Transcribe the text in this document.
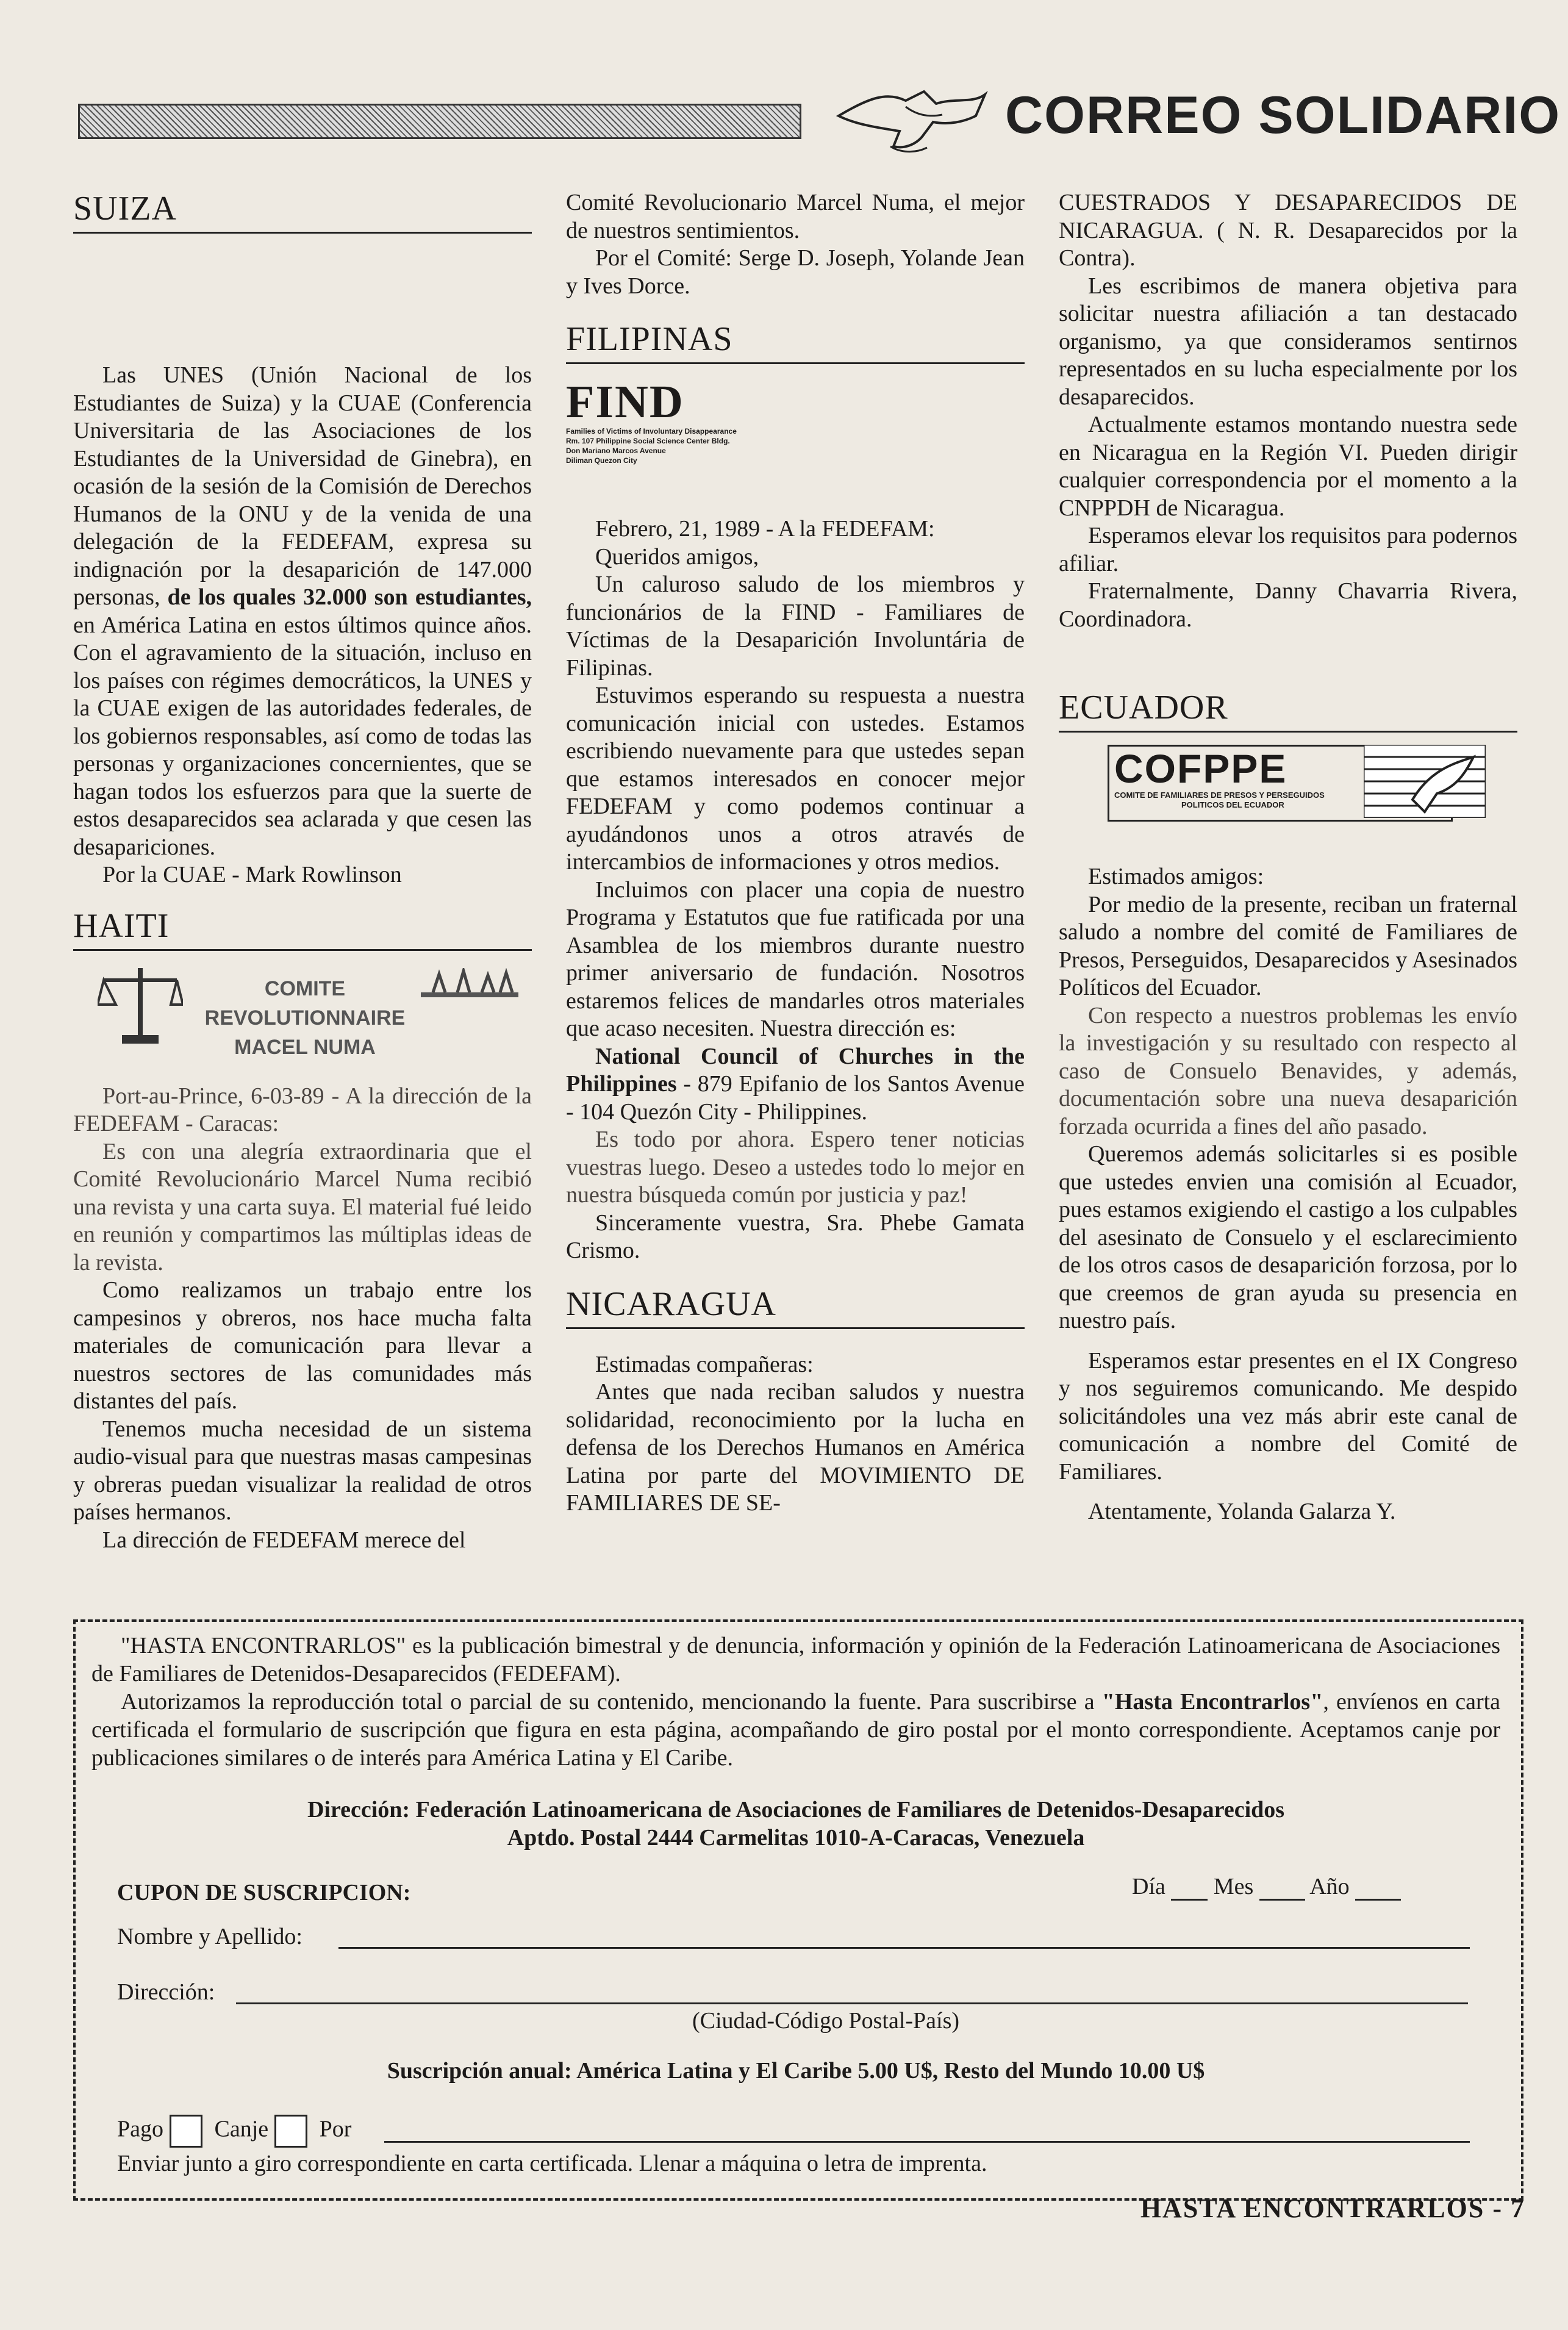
CORREO SOLIDARIO
SUIZA

Las UNES (Unión Nacional de los Estudiantes de Suiza) y la CUAE (Conferencia Universitaria de las Asociaciones de los Estudiantes de la Universidad de Ginebra), en ocasión de la sesión de la Comisión de Derechos Humanos de la ONU y de la venida de una delegación de la FEDEFAM, expresa su indignación por la desaparición de 147.000 personas, de los quales 32.000 son estudiantes, en América Latina en estos últimos quince años. Con el agravamiento de la situación, incluso en los países con régimes democráticos, la UNES y la CUAE exigen de las autoridades federales, de los gobiernos responsables, así como de todas las personas y organizaciones concernientes, que se hagan todos los esfuerzos para que la suerte de estos desaparecidos sea aclarada y que cesen las desapariciones.

Por la CUAE - Mark Rowlinson

HAITI
COMITE
REVOLUTIONNAIRE
MACEL NUMA

Port-au-Prince, 6-03-89 - A la dirección de la FEDEFAM - Caracas:

Es con una alegría extraordinaria que el Comité Revolucionário Marcel Numa recibió una revista y una carta suya. El material fué leido en reunión y compartimos las múltiplas ideas de la revista.

Como realizamos un trabajo entre los campesinos y obreros, nos hace mucha falta materiales de comunicación para llevar a nuestros sectores de las comunidades más distantes del país.

Tenemos mucha necesidad de un sistema audio-visual para que nuestras masas campesinas y obreras puedan visualizar la realidad de otros países hermanos.

La dirección de FEDEFAM merece del

Comité Revolucionario Marcel Numa, el mejor de nuestros sentimientos.

Por el Comité: Serge D. Joseph, Yolande Jean y Ives Dorce.

FILIPINAS
FIND
Families of Victims of Involuntary Disappearance
Rm. 107 Philippine Social Science Center Bldg.
Don Mariano Marcos Avenue
Diliman Quezon City

Febrero, 21, 1989 - A la FEDEFAM:

Queridos amigos,

Un caluroso saludo de los miembros y funcionários de la FIND - Familiares de Víctimas de la Desaparición Involuntária de Filipinas.

Estuvimos esperando su respuesta a nuestra comunicación inicial con ustedes. Estamos escribiendo nuevamente para que ustedes sepan que estamos interesados en conocer mejor FEDEFAM y como podemos continuar a ayudándonos unos a otros através de intercambios de informaciones y otros medios.

Incluimos con placer una copia de nuestro Programa y Estatutos que fue ratificada por una Asamblea de los miembros durante nuestro primer aniversario de fundación. Nosotros estaremos felices de mandarles otros materiales que acaso necesiten. Nuestra dirección es:

National Council of Churches in the Philippines - 879 Epifanio de los Santos Avenue - 104 Quezón City - Philippines.

Es todo por ahora. Espero tener noticias vuestras luego. Deseo a ustedes todo lo mejor en nuestra búsqueda común por justicia y paz!

Sinceramente vuestra, Sra. Phebe Gamata Crismo.

NICARAGUA

Estimadas compañeras:

Antes que nada reciban saludos y nuestra solidaridad, reconocimiento por la lucha en defensa de los Derechos Humanos en América Latina por parte del MOVIMIENTO DE FAMILIARES DE SE-

CUESTRADOS Y DESAPARECIDOS DE NICARAGUA. ( N. R. Desaparecidos por la Contra).

Les escribimos de manera objetiva para solicitar nuestra afiliación a tan destacado organismo, ya que consideramos sentirnos representados en su lucha especialmente por los desaparecidos.

Actualmente estamos montando nuestra sede en Nicaragua en la Región VI. Pueden dirigir cualquier correspondencia por el momento a la CNPPDH de Nicaragua.

Esperamos elevar los requisitos para podernos afiliar.

Fraternalmente, Danny Chavarria Rivera, Coordinadora.

ECUADOR
COFPPE
COMITE DE FAMILIARES DE PRESOS Y PERSEGUIDOS
POLITICOS DEL ECUADOR

Estimados amigos:

Por medio de la presente, reciban un fraternal saludo a nombre del comité de Familiares de Presos, Perseguidos, Desaparecidos y Asesinados Políticos del Ecuador.

Con respecto a nuestros problemas les envío la investigación y su resultado con respecto al caso de Consuelo Benavides, y además, documentación sobre una nueva desaparición forzada ocurrida a fines del año pasado.

Queremos además solicitarles si es posible que ustedes envien una comisión al Ecuador, pues estamos exigiendo el castigo a los culpables del asesinato de Consuelo y el esclarecimiento de los otros casos de desaparición forzosa, por lo que creemos de gran ayuda su presencia en nuestro país.

Esperamos estar presentes en el IX Congreso y nos seguiremos comunicando. Me despido solicitándoles una vez más abrir este canal de comunicación a nombre del Comité de Familiares.

Atentamente, Yolanda Galarza Y.

"HASTA ENCONTRARLOS" es la publicación bimestral y de denuncia, información y opinión de la Federación Latinoamericana de Asociaciones de Familiares de Detenidos-Desaparecidos (FEDEFAM).

Autorizamos la reproducción total o parcial de su contenido, mencionando la fuente. Para suscribirse a "Hasta Encontrarlos", envíenos en carta certificada el formulario de suscripción que figura en esta página, acompañando de giro postal por el monto correspondiente. Aceptamos canje por publicaciones similares o de interés para América Latina y El Caribe.

Dirección: Federación Latinoamericana de Asociaciones de Familiares de Detenidos-Desaparecidos
Aptdo. Postal 2444 Carmelitas 1010-A-Caracas, Venezuela
CUPON DE SUSCRIPCION:	Día Mes Año
Nombre y Apellido:
Dirección:
(Ciudad-Código Postal-País)
Suscripción anual: América Latina y El Caribe 5.00 U$, Resto del Mundo 10.00 U$
Pago Canje Por
Enviar junto a giro correspondiente en carta certificada. Llenar a máquina o letra de imprenta.
HASTA ENCONTRARLOS - 7
